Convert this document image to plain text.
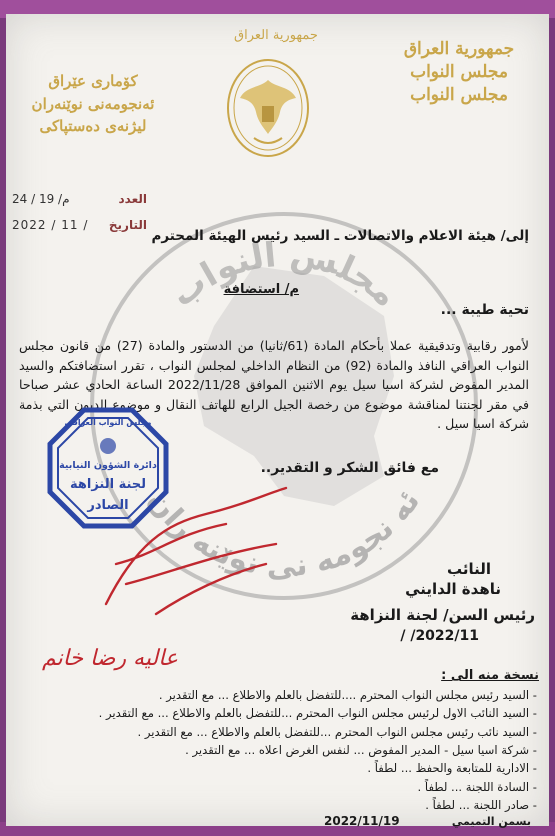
جمهورية العراق
مجلس النواب
مجلس النواب
جمهورية العراق
كۆماری عێراق
ئەنجومەنی نوێنەران
لیژنەی دەستپاکی
العدد
م/ 19 / 24
التاريخ
/ 11 / 2022
مجلس النواب
ئه نجومه نی نوێنه ران
إلى/ هيئة الاعلام والاتصالات ـ السيد رئيس الهيئة المحترم
م/ استضافة
تحية طيبة ...
لأمور رقابية وتدقيقية عملا بأحكام المادة (61/ثانيا) من الدستور والمادة (27) من قانون مجلس النواب العراقي النافذ والمادة (92) من النظام الداخلي لمجلس النواب ، تقرر استضافتكم والسيد المدير المفوض لشركة اسيا سيل يوم الاثنين الموافق 2022/11/28 الساعة الحادي عشر صباحا في مقر لجنتنا لمناقشة موضوع من رخصة الجيل الرابع للهاتف النقال و موضوع الديون التي بذمة شركة اسيا سيل .
مع فائق الشكر و التقدير..
مجلس النواب العراقي
دائرة الشؤون النيابية
لجنة النزاهة
الصادر
النائب
ناهدة الدايني
رئيس السن/ لجنة النزاهة
2022/11/ /
عاليه رضا خانم
نسخة منه الى :
- السيد رئيس مجلس النواب المحترم ....للتفضل بالعلم والاطلاع ... مع التقدير .
- السيد النائب الاول لرئيس مجلس النواب المحترم ...للتفضل بالعلم والاطلاع ... مع التقدير .
- السيد نائب رئيس مجلس النواب المحترم ...للتفضل بالعلم والاطلاع ... مع التقدير .
- شركة اسيا سيل - المدير المفوض ... لنفس الغرض اعلاه ... مع التقدير .
- الادارية للمتابعة والحفظ ... لطفاً .
- السادة اللجنة ... لطفاً .
- صادر اللجنة ... لطفاً .
2022/11/19	بسمن التميمي
